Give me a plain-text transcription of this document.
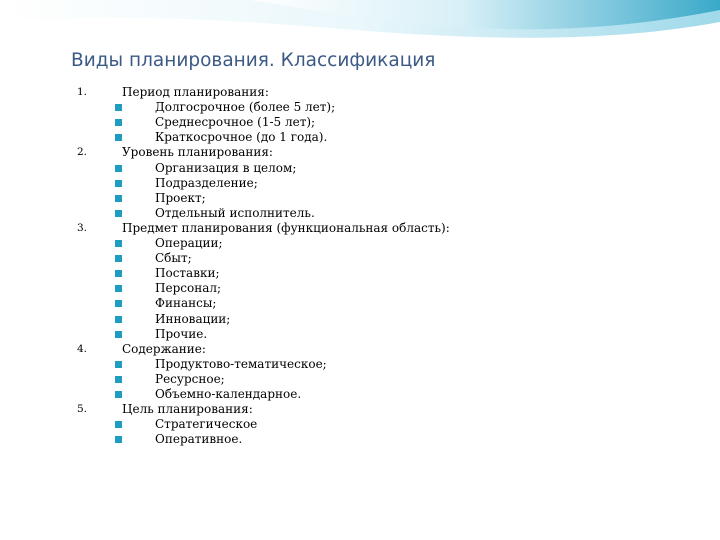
Виды планирования. Классификация
1.	Период планирования:
Долгосрочное (более 5 лет);
Среднесрочное (1-5 лет);
Краткосрочное (до 1 года).
2.	Уровень планирования:
Организация в целом;
Подразделение;
Проект;
Отдельный исполнитель.
3.	Предмет планирования (функциональная область):
Операции;
Сбыт;
Поставки;
Персонал;
Финансы;
Инновации;
Прочие.
4.	Содержание:
Продуктово-тематическое;
Ресурсное;
Объемно-календарное.
5.	Цель планирования:
Стратегическое
Оперативное.
